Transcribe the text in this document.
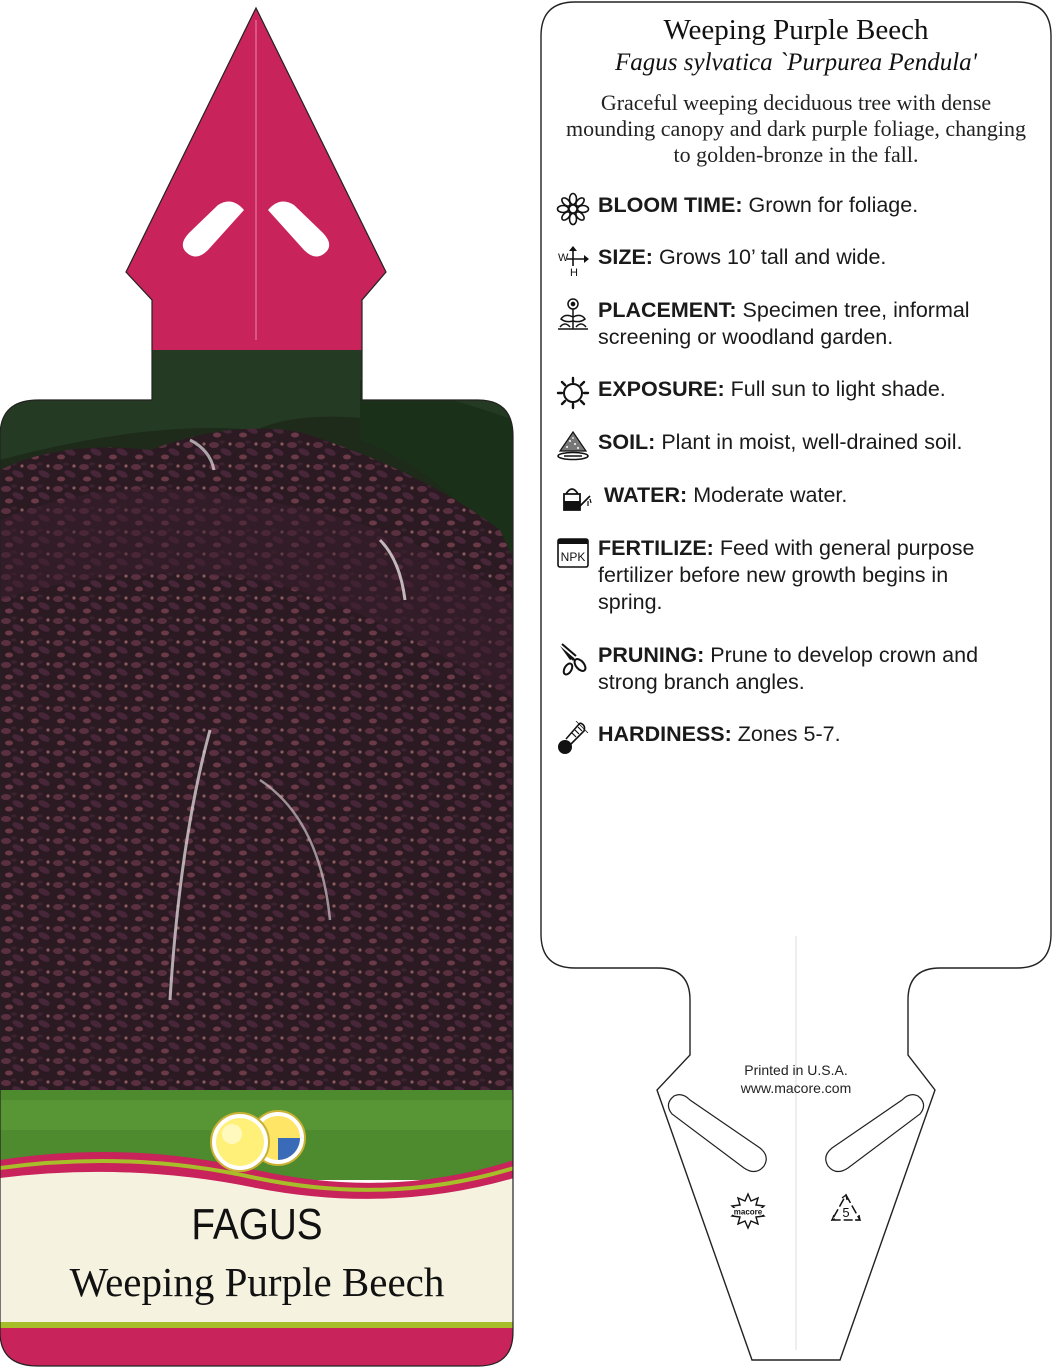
FAGUS
Weeping Purple Beech
Weeping Purple Beech
Fagus sylvatica `Purpurea Pendula'
Graceful weeping deciduous tree with dense mounding canopy and dark purple foliage, changing to golden-bronze in the fall.
BLOOM TIME: Grown for foliage.
W
H
SIZE: Grows 10’ tall and wide.
PLACEMENT: Specimen tree, informal screening or woodland garden.
EXPOSURE: Full sun to light shade.
SOIL: Plant in moist, well-drained soil.
WATER: Moderate water.
NPK FERTILIZE: Feed with general purpose fertilizer before new growth begins in spring.
PRUNING: Prune to develop crown and strong branch angles.
HARDINESS: Zones 5-7.
Printed in U.S.A.
www.macore.com
macore	5
